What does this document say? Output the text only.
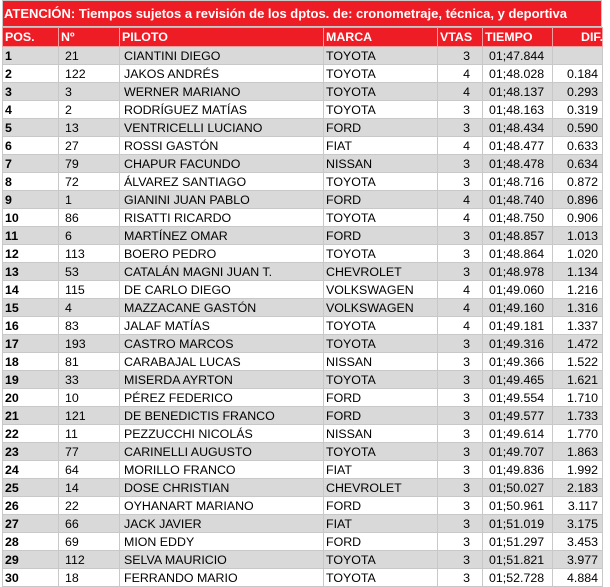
ATENCIÓN: Tiempos sujetos a revisión de los dptos. de: cronometraje, técnica, y deportiva
POS.	Nº	PILOTO	MARCA	VTAS	TIEMPO	DIF.
1	21	CIANTINI DIEGO	TOYOTA	3	01;47.844	
2	122	JAKOS ANDRÉS	TOYOTA	4	01;48.028	0.184
3	3	WERNER MARIANO	TOYOTA	4	01;48.137	0.293
4	2	RODRÍGUEZ MATÍAS	TOYOTA	3	01;48.163	0.319
5	13	VENTRICELLI LUCIANO	FORD	3	01;48.434	0.590
6	27	ROSSI GASTÓN	FIAT	4	01;48.477	0.633
7	79	CHAPUR FACUNDO	NISSAN	3	01;48.478	0.634
8	72	ÁLVAREZ SANTIAGO	TOYOTA	3	01;48.716	0.872
9	1	GIANINI JUAN PABLO	FORD	4	01;48.740	0.896
10	86	RISATTI RICARDO	TOYOTA	4	01;48.750	0.906
11	6	MARTÍNEZ OMAR	FORD	3	01;48.857	1.013
12	113	BOERO PEDRO	TOYOTA	3	01;48.864	1.020
13	53	CATALÁN MAGNI JUAN T.	CHEVROLET	3	01;48.978	1.134
14	115	DE CARLO DIEGO	VOLKSWAGEN	4	01;49.060	1.216
15	4	MAZZACANE GASTÓN	VOLKSWAGEN	4	01;49.160	1.316
16	83	JALAF MATÍAS	TOYOTA	4	01;49.181	1.337
17	193	CASTRO MARCOS	TOYOTA	3	01;49.316	1.472
18	81	CARABAJAL LUCAS	NISSAN	3	01;49.366	1.522
19	33	MISERDA AYRTON	TOYOTA	3	01;49.465	1.621
20	10	PÉREZ FEDERICO	FORD	3	01;49.554	1.710
21	121	DE BENEDICTIS FRANCO	FORD	3	01;49.577	1.733
22	11	PEZZUCCHI NICOLÁS	NISSAN	3	01;49.614	1.770
23	77	CARINELLI AUGUSTO	TOYOTA	3	01;49.707	1.863
24	64	MORILLO FRANCO	FIAT	3	01;49.836	1.992
25	14	DOSE CHRISTIAN	CHEVROLET	3	01;50.027	2.183
26	22	OYHANART MARIANO	FORD	3	01;50.961	3.117
27	66	JACK JAVIER	FIAT	3	01;51.019	3.175
28	69	MION EDDY	FORD	3	01;51.297	3.453
29	112	SELVA MAURICIO	TOYOTA	3	01;51.821	3.977
30	18	FERRANDO MARIO	TOYOTA	3	01;52.728	4.884
